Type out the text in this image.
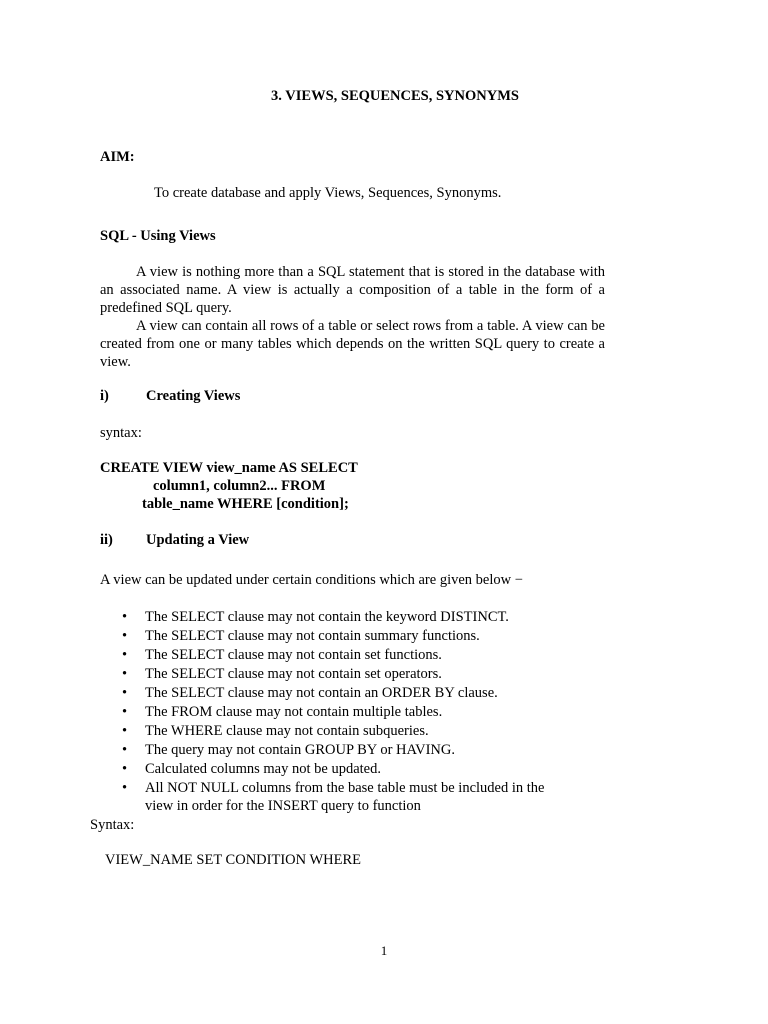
3. VIEWS, SEQUENCES, SYNONYMS
AIM:
To create database and apply Views, Sequences, Synonyms.
SQL - Using Views

A view is nothing more than a SQL statement that is stored in the database with an associated name. A view is actually a composition of a table in the form of a predefined SQL query.

A view can contain all rows of a table or select rows from a table. A view can be created from one or many tables which depends on the written SQL query to create a view.

i)	Creating Views
syntax:
CREATE VIEW view_name AS SELECT
column1, column2... FROM
table_name WHERE [condition];
ii) Updating a View
A view can be updated under certain conditions which are given below −
• The SELECT clause may not contain the keyword DISTINCT.
• The SELECT clause may not contain summary functions.
• The SELECT clause may not contain set functions.
• The SELECT clause may not contain set operators.
• The SELECT clause may not contain an ORDER BY clause.
• The FROM clause may not contain multiple tables.
• The WHERE clause may not contain subqueries.
• The query may not contain GROUP BY or HAVING.
• Calculated columns may not be updated.
• All NOT NULL columns from the base table must be included in the view in order for the INSERT query to function
Syntax:
VIEW_NAME SET CONDITION WHERE
1
